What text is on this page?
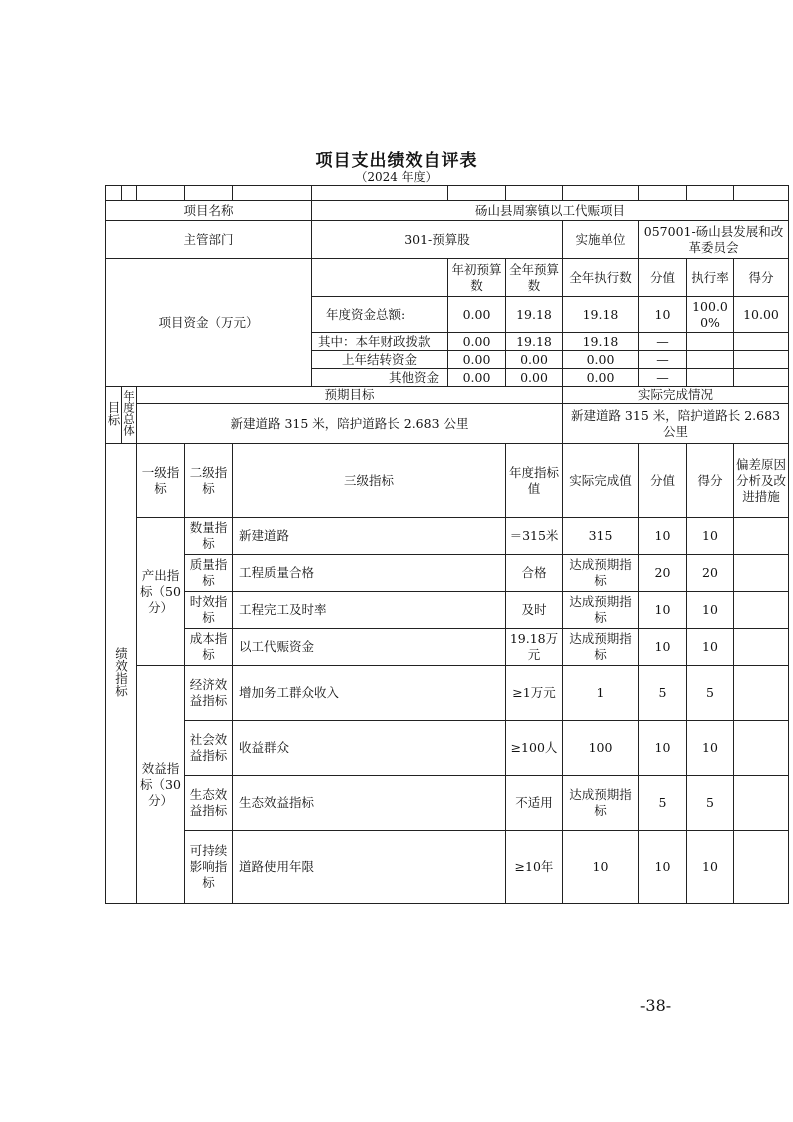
项目支出绩效自评表
（2024 年度）

项目名称					砀山县周寨镇以工代赈项目						
主管部门					301-预算股			实施单位	057001-砀山县发展和改革委员会		
项目资金（万元）						年初预算数	全年预算数	全年执行数	分值	执行率	得分
					年度资金总额:	0.00	19.18	19.18	10	100.00%	10.00
					其中：本年财政拨款	0.00	19.18	19.18	—		
					上年结转资金	0.00	0.00	0.00	—		
					其他资金	0.00	0.00	0.00	—		
目标	年度总体	预期目标						实际完成情况			
		新建道路 315 米，陪护道路长 2.683 公里						新建道路 315 米，陪护道路长 2.683 公里			
绩效指标		一级指标	二级指标	三级指标			年度指标值	实际完成值	分值	得分	偏差原因分析及改进措施
		产出指标（50分）	数量指标	新建道路			＝315米	315	10	10	
			质量指标	工程质量合格			合格	达成预期指标	20	20	
			时效指标	工程完工及时率			及时	达成预期指标	10	10	
			成本指标	以工代赈资金			19.18万元	达成预期指标	10	10	
		效益指标（30分）	经济效益指标	增加务工群众收入			≥1万元	1	5	5	
			社会效益指标	收益群众			≥100人	100	10	10	
			生态效益指标	生态效益指标			不适用	达成预期指标	5	5	
			可持续影响指标	道路使用年限			≥10年	10	10	10	
-38-
